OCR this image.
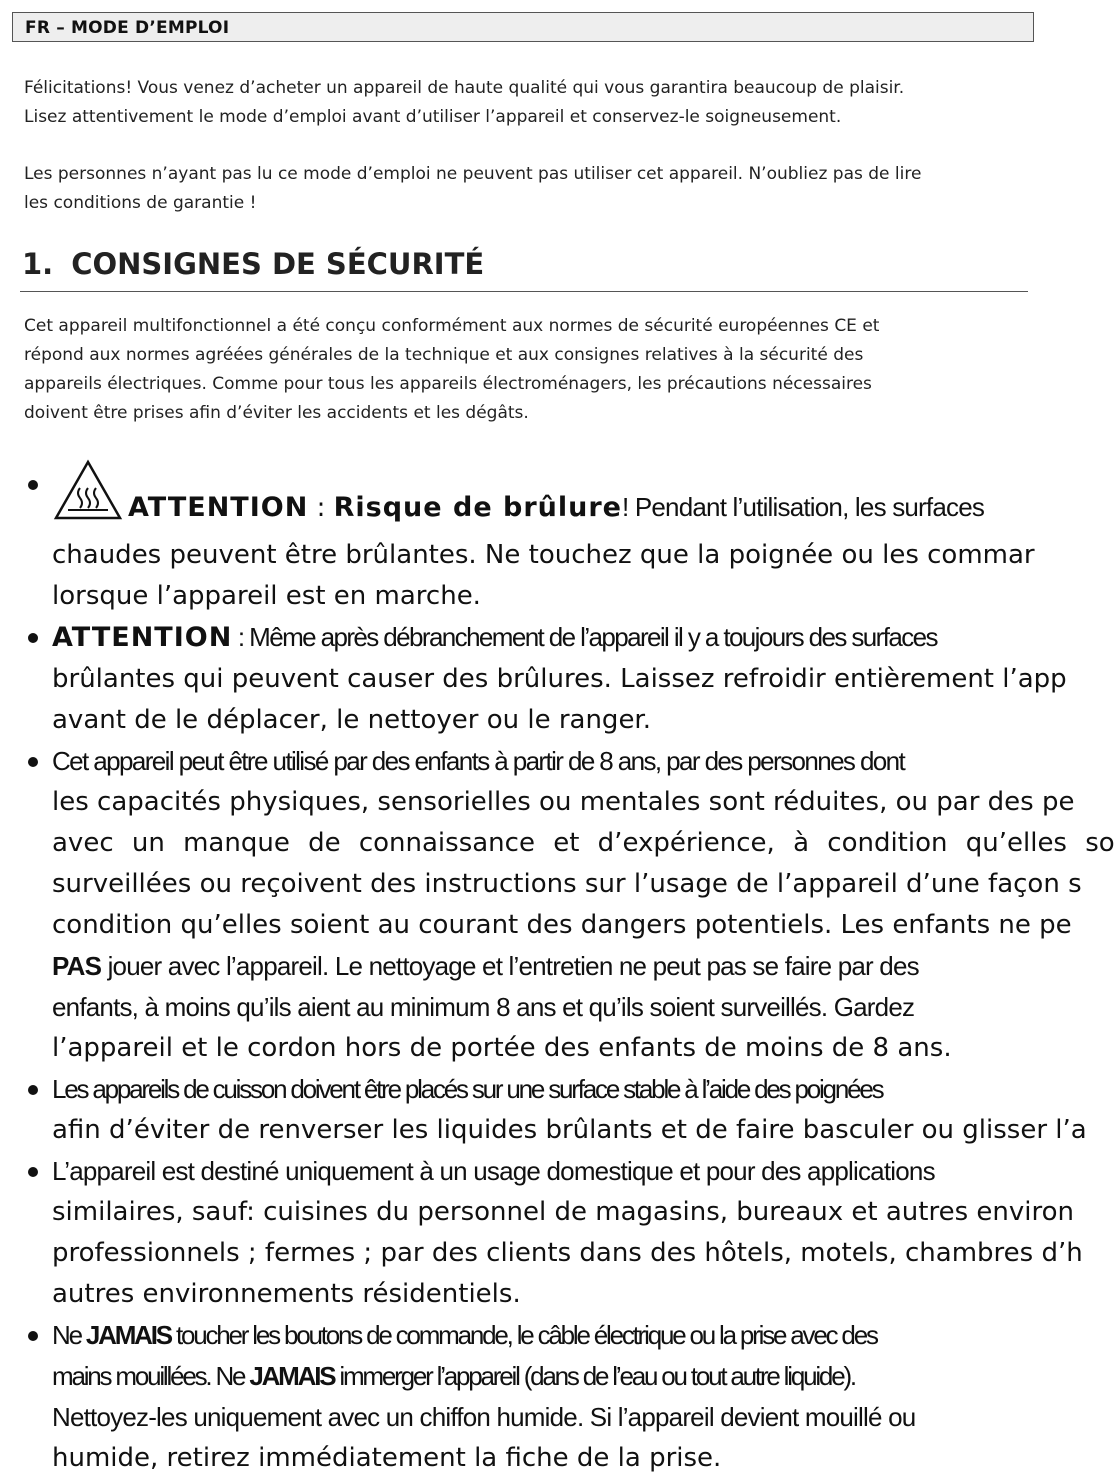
FR – MODE D’EMPLOI
Félicitations! Vous venez d’acheter un appareil de haute qualité qui vous garantira beaucoup de plaisir.
Lisez attentivement le mode d’emploi avant d’utiliser l’appareil et conservez-le soigneusement.
Les personnes n’ayant pas lu ce mode d’emploi ne peuvent pas utiliser cet appareil. N’oubliez pas de lire
les conditions de garantie !
1. CONSIGNES DE SÉCURITÉ
Cet appareil multifonctionnel a été conçu conformément aux normes de sécurité européennes CE et
répond aux normes agréées générales de la technique et aux consignes relatives à la sécurité des
appareils électriques. Comme pour tous les appareils électroménagers, les précautions nécessaires
doivent être prises afin d’éviter les accidents et les dégâts.
ATTENTION : Risque de brûlure! Pendant l’utilisation, les surfaces
chaudes peuvent être brûlantes. Ne touchez que la poignée ou les commar
lorsque l’appareil est en marche.
ATTENTION : Même après débranchement de l’appareil il y a toujours des surfaces
brûlantes qui peuvent causer des brûlures. Laissez refroidir entièrement l’app
avant de le déplacer, le nettoyer ou le ranger.
Cet appareil peut être utilisé par des enfants à partir de 8 ans, par des personnes dont
les capacités physiques, sensorielles ou mentales sont réduites, ou par des pe
avec un manque de connaissance et d’expérience, à condition qu’elles so
surveillées ou reçoivent des instructions sur l’usage de l’appareil d’une façon s
condition qu’elles soient au courant des dangers potentiels. Les enfants ne pe
PAS jouer avec l’appareil. Le nettoyage et l’entretien ne peut pas se faire par des
enfants, à moins qu’ils aient au minimum 8 ans et qu’ils soient surveillés. Gardez
l’appareil et le cordon hors de portée des enfants de moins de 8 ans.
Les appareils de cuisson doivent être placés sur une surface stable à l’aide des poignées
afin d’éviter de renverser les liquides brûlants et de faire basculer ou glisser l’a
L’appareil est destiné uniquement à un usage domestique et pour des applications
similaires, sauf: cuisines du personnel de magasins, bureaux et autres environ
professionnels ; fermes ; par des clients dans des hôtels, motels, chambres d’h
autres environnements résidentiels.
Ne JAMAIS toucher les boutons de commande, le câble électrique ou la prise avec des
mains mouillées. Ne JAMAIS immerger l’appareil (dans de l’eau ou tout autre liquide).
Nettoyez-les uniquement avec un chiffon humide. Si l’appareil devient mouillé ou
humide, retirez immédiatement la fiche de la prise.
